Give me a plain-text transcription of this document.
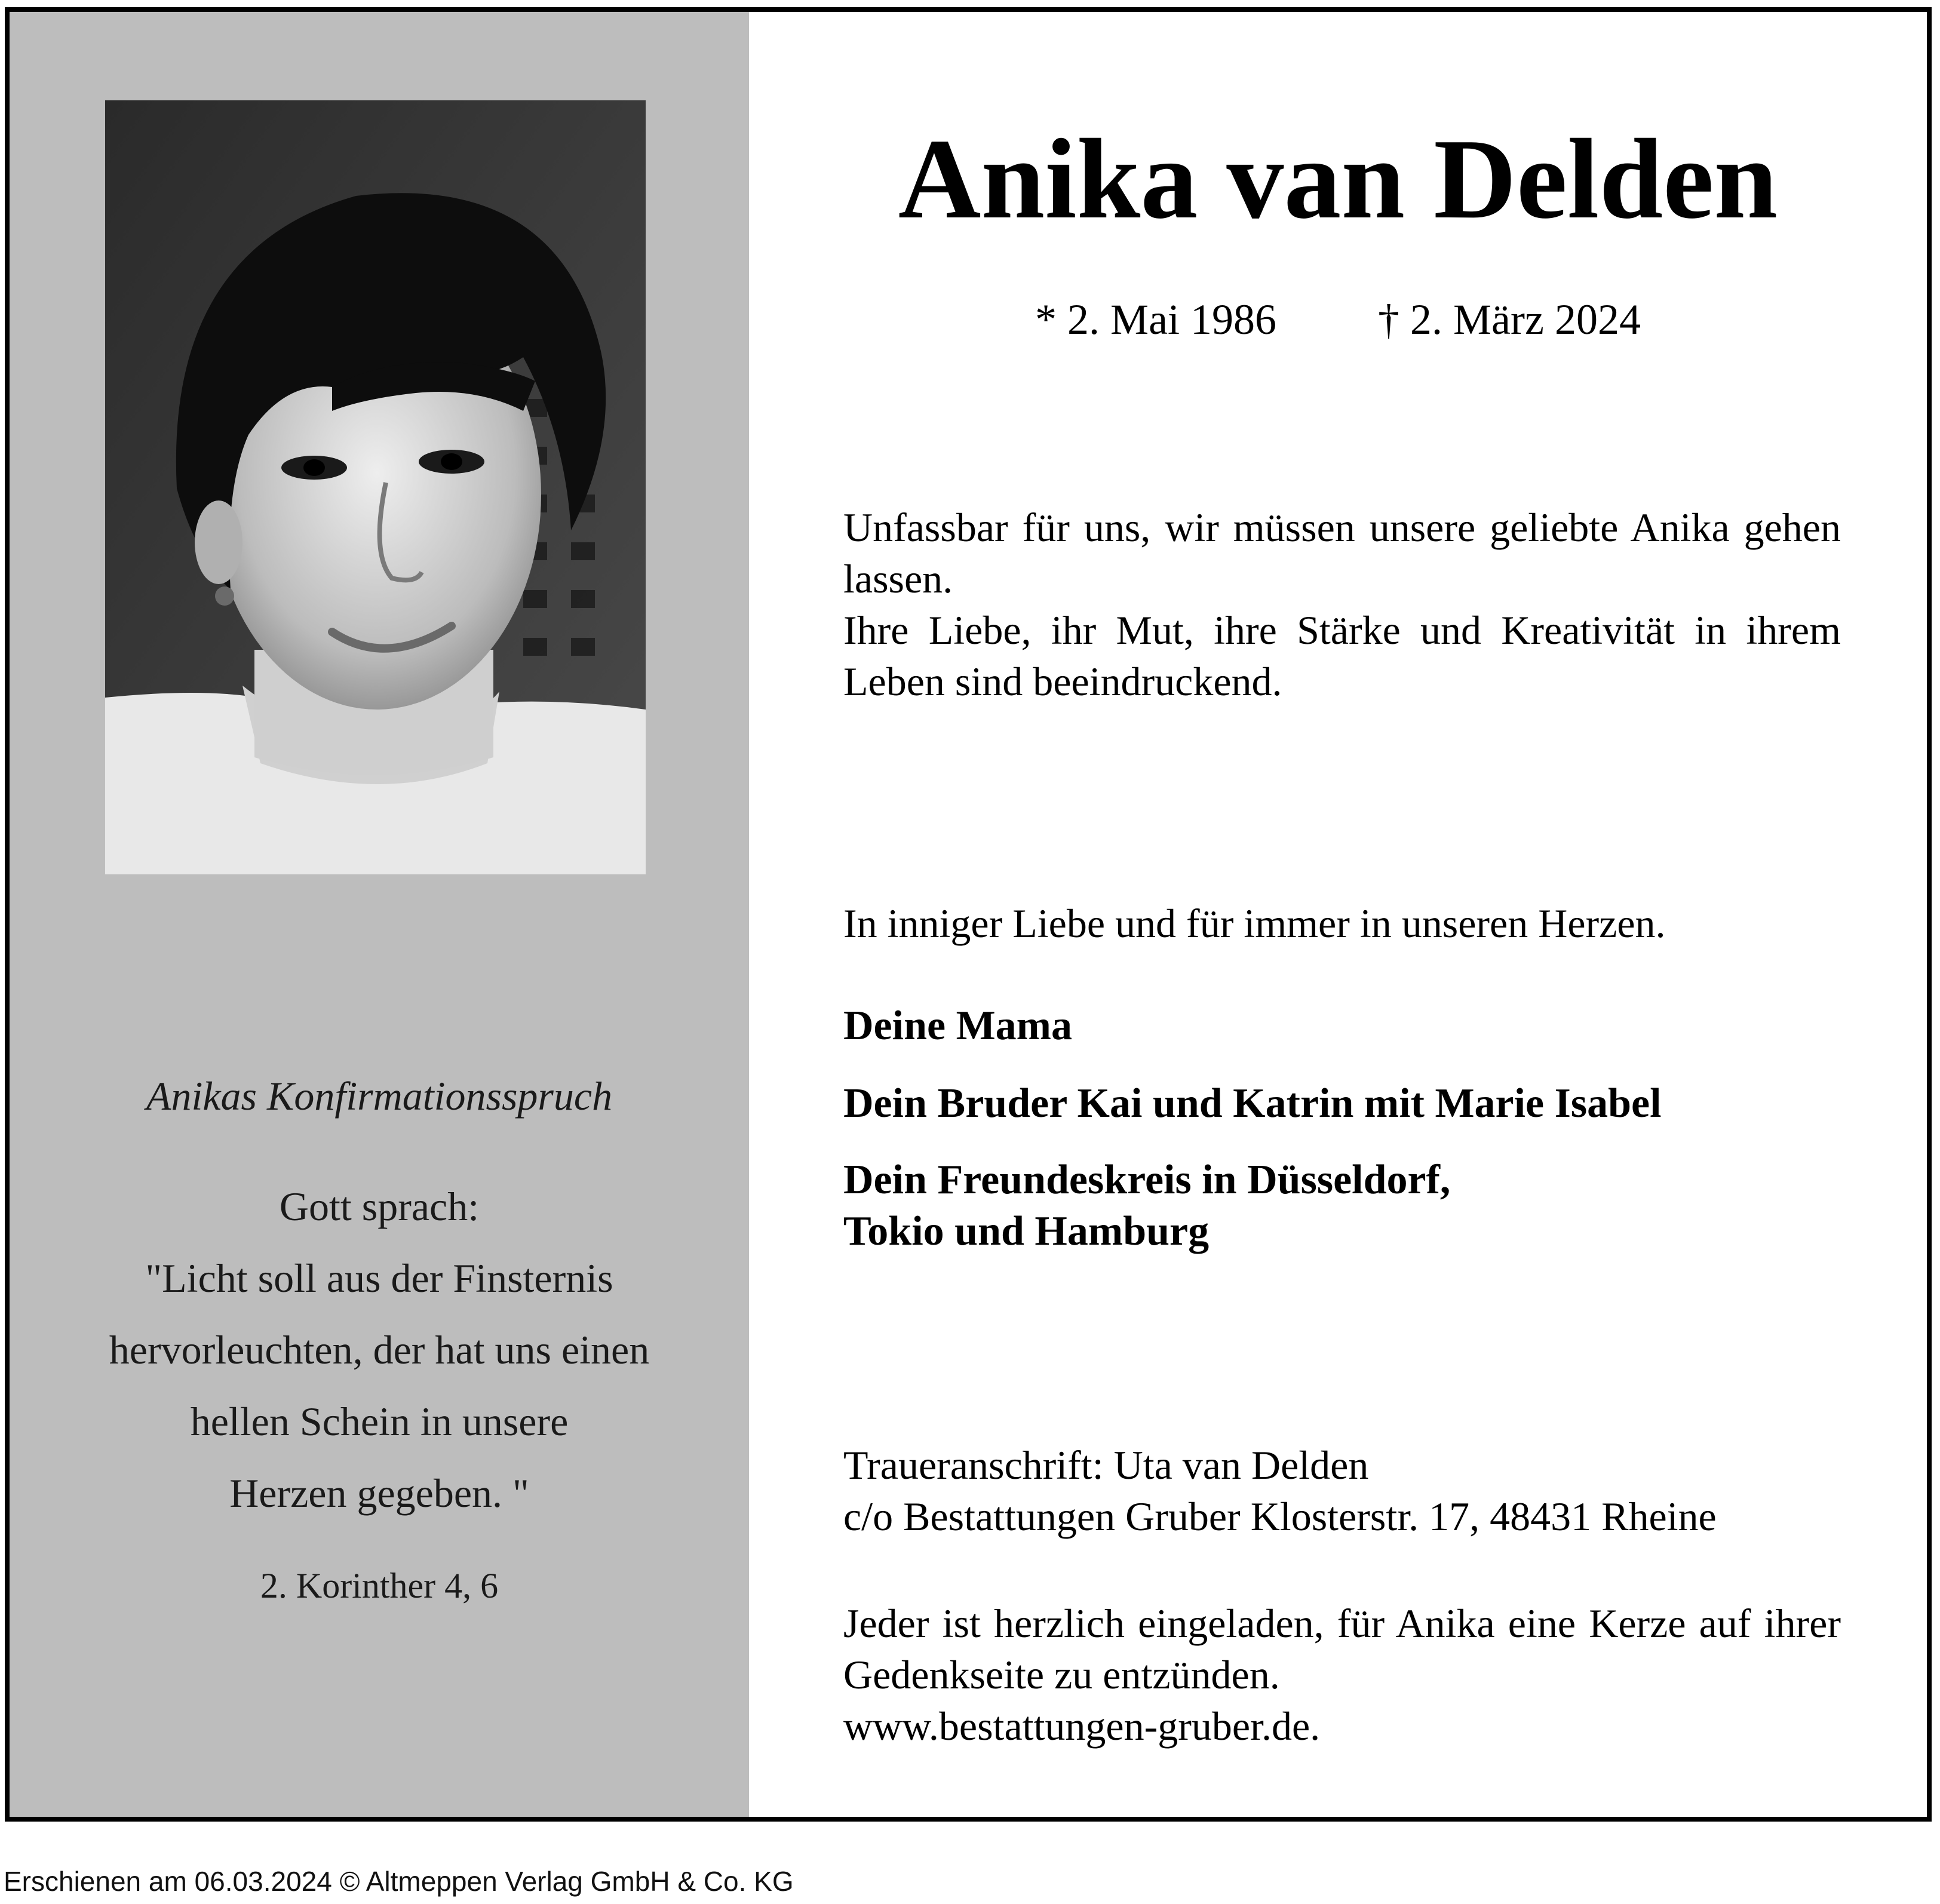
Anikas Konfirmationsspruch
Gott sprach:
"Licht soll aus der Finsternis
hervorleuchten, der hat uns einen
hellen Schein in unsere
Herzen gegeben. "
2. Korinther 4, 6
Anika van Delden
* 2. Mai 1986 † 2. März 2024
Unfassbar für uns, wir müssen unsere geliebte Anika gehen lassen.
Ihre Liebe, ihr Mut, ihre Stärke und Kreativität in ihrem Leben sind beeindruckend.
In inniger Liebe und für immer in unseren Herzen.
Deine Mama
Dein Bruder Kai und Katrin mit Marie Isabel
Dein Freundeskreis in Düsseldorf,
Tokio und Hamburg
Traueranschrift: Uta van Delden
c/o Bestattungen Gruber Klosterstr. 17, 48431 Rheine
Jeder ist herzlich eingeladen, für Anika eine Kerze auf ihrer Gedenkseite zu entzünden.
www.bestattungen-gruber.de.
Erschienen am 06.03.2024 © Altmeppen Verlag GmbH & Co. KG
